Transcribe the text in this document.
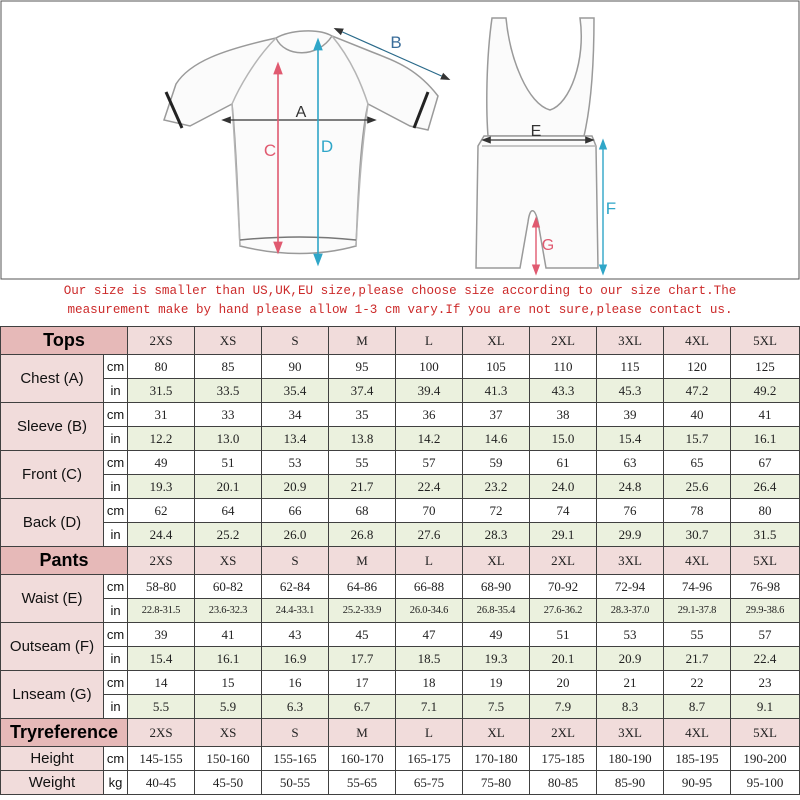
A
B
C	D
E
F
G
Our size is smaller than US,UK,EU size,please choose size according to our size chart.The
measurement make by hand please allow 1-3 cm vary.If you are not sure,please contact us.
Tops		2XS	XS	S	M	L	XL	2XL	3XL	4XL	5XL
Chest (A)	cm	80	85	90	95	100	105	110	115	120	125
	in	31.5	33.5	35.4	37.4	39.4	41.3	43.3	45.3	47.2	49.2
Sleeve (B)	cm	31	33	34	35	36	37	38	39	40	41
	in	12.2	13.0	13.4	13.8	14.2	14.6	15.0	15.4	15.7	16.1
Front (C)	cm	49	51	53	55	57	59	61	63	65	67
	in	19.3	20.1	20.9	21.7	22.4	23.2	24.0	24.8	25.6	26.4
Back (D)	cm	62	64	66	68	70	72	74	76	78	80
	in	24.4	25.2	26.0	26.8	27.6	28.3	29.1	29.9	30.7	31.5
Pants		2XS	XS	S	M	L	XL	2XL	3XL	4XL	5XL
Waist (E)	cm	58-80	60-82	62-84	64-86	66-88	68-90	70-92	72-94	74-96	76-98
	in	22.8-31.5	23.6-32.3	24.4-33.1	25.2-33.9	26.0-34.6	26.8-35.4	27.6-36.2	28.3-37.0	29.1-37.8	29.9-38.6
Outseam (F)	cm	39	41	43	45	47	49	51	53	55	57
	in	15.4	16.1	16.9	17.7	18.5	19.3	20.1	20.9	21.7	22.4
Lnseam (G)	cm	14	15	16	17	18	19	20	21	22	23
	in	5.5	5.9	6.3	6.7	7.1	7.5	7.9	8.3	8.7	9.1
Tryreference		2XS	XS	S	M	L	XL	2XL	3XL	4XL	5XL
Height	cm	145-155	150-160	155-165	160-170	165-175	170-180	175-185	180-190	185-195	190-200
Weight	kg	40-45	45-50	50-55	55-65	65-75	75-80	80-85	85-90	90-95	95-100
